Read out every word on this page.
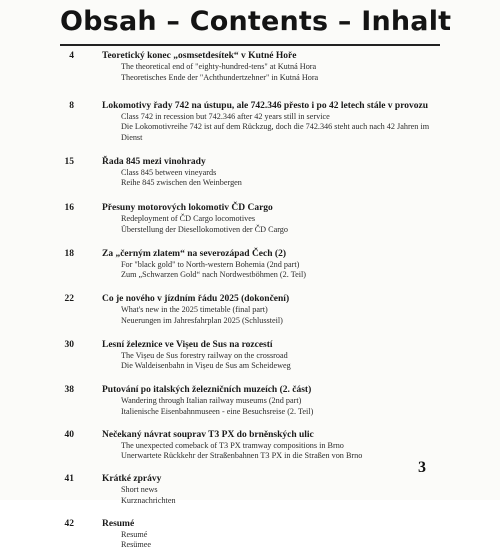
Obsah – Contents – Inhalt
4	Teoretický konec „osmsetdesítek“ v Kutné Hoře
The theoretical end of "eighty-hundred-tens" at Kutná Hora
Theoretisches Ende der "Achthundertzehner" in Kutná Hora
8	Lokomotivy řady 742 na ústupu, ale 742.346 přesto i po 42 letech stále v provozu
Class 742 in recession but 742.346 after 42 years still in service
Die Lokomotivreihe 742 ist auf dem Rückzug, doch die 742.346 steht auch nach 42 Jahren im Dienst
15	Řada 845 mezi vinohrady
Class 845 between vineyards
Reihe 845 zwischen den Weinbergen
16	Přesuny motorových lokomotiv ČD Cargo
Redeployment of ČD Cargo locomotives
Überstellung der Diesellokomotiven der ČD Cargo
18	Za „černým zlatem“ na severozápad Čech (2)
For "black gold" to North-western Bohemia (2nd part)
Zum „Schwarzen Gold“ nach Nordwestböhmen (2. Teil)
22	Co je nového v jízdním řádu 2025 (dokončení)
What's new in the 2025 timetable (final part)
Neuerungen im Jahresfahrplan 2025 (Schlussteil)
30	Lesní železnice ve Vișeu de Sus na rozcestí
The Vișeu de Sus forestry railway on the crossroad
Die Waldeisenbahn in Vișeu de Sus am Scheideweg
38	Putování po italských železničních muzeích (2. část)
Wandering through Italian railway museums (2nd part)
Italienische Eisenbahnmuseen - eine Besuchsreise (2. Teil)
40	Nečekaný návrat souprav T3 PX do brněnských ulic
The unexpected comeback of T3 PX tramway compositions in Brno
Unerwartete Rückkehr der Straßenbahnen T3 PX in die Straßen von Brno
41	Krátké zprávy
Short news
Kurznachrichten
42	Resumé
Resumé
Resümee
3
